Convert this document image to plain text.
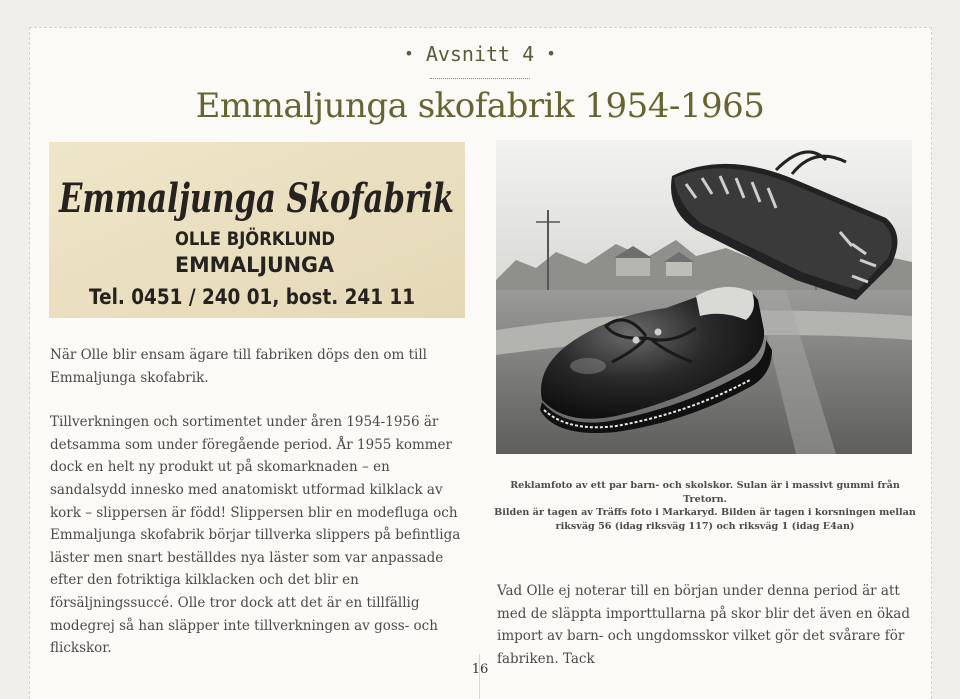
• Avsnitt 4 •
Emmaljunga skofabrik 1954-1965
Emmaljunga Skofabrik
OLLE BJÖRKLUND
EMMALJUNGA
Tel. 0451 / 240 01, bost. 241 11

När Olle blir ensam ägare till fabriken döps den om till Emmaljunga skofabrik.

Tillverkningen och sortimentet under åren 1954-1956 är detsamma som under föregående period. År 1955 kommer dock en helt ny produkt ut på skomarknaden – en sandalsydd innesko med anatomiskt utformad kilklack av kork – slippersen är född! Slippersen blir en modefluga och Emmaljunga skofabrik börjar tillverka slippers på befintliga läster men snart beställdes nya läster som var anpassade efter den fotriktiga kilklacken och det blir en försäljningssuccé. Olle tror dock att det är en tillfällig modegrej så han släpper inte tillverkningen av goss- och flickskor.

Reklamfoto av ett par barn- och skolskor. Sulan är i massivt gummi från Tretorn.

Bilden är tagen av Träffs foto i Markaryd. Bilden är tagen i korsningen mellan riksväg 56 (idag riksväg 117) och riksväg 1 (idag E4an)

Vad Olle ej noterar till en början under denna period är att med de släppta importtullarna på skor blir det även en ökad import av barn- och ungdomsskor vilket gör det svårare för fabriken. Tack
16
